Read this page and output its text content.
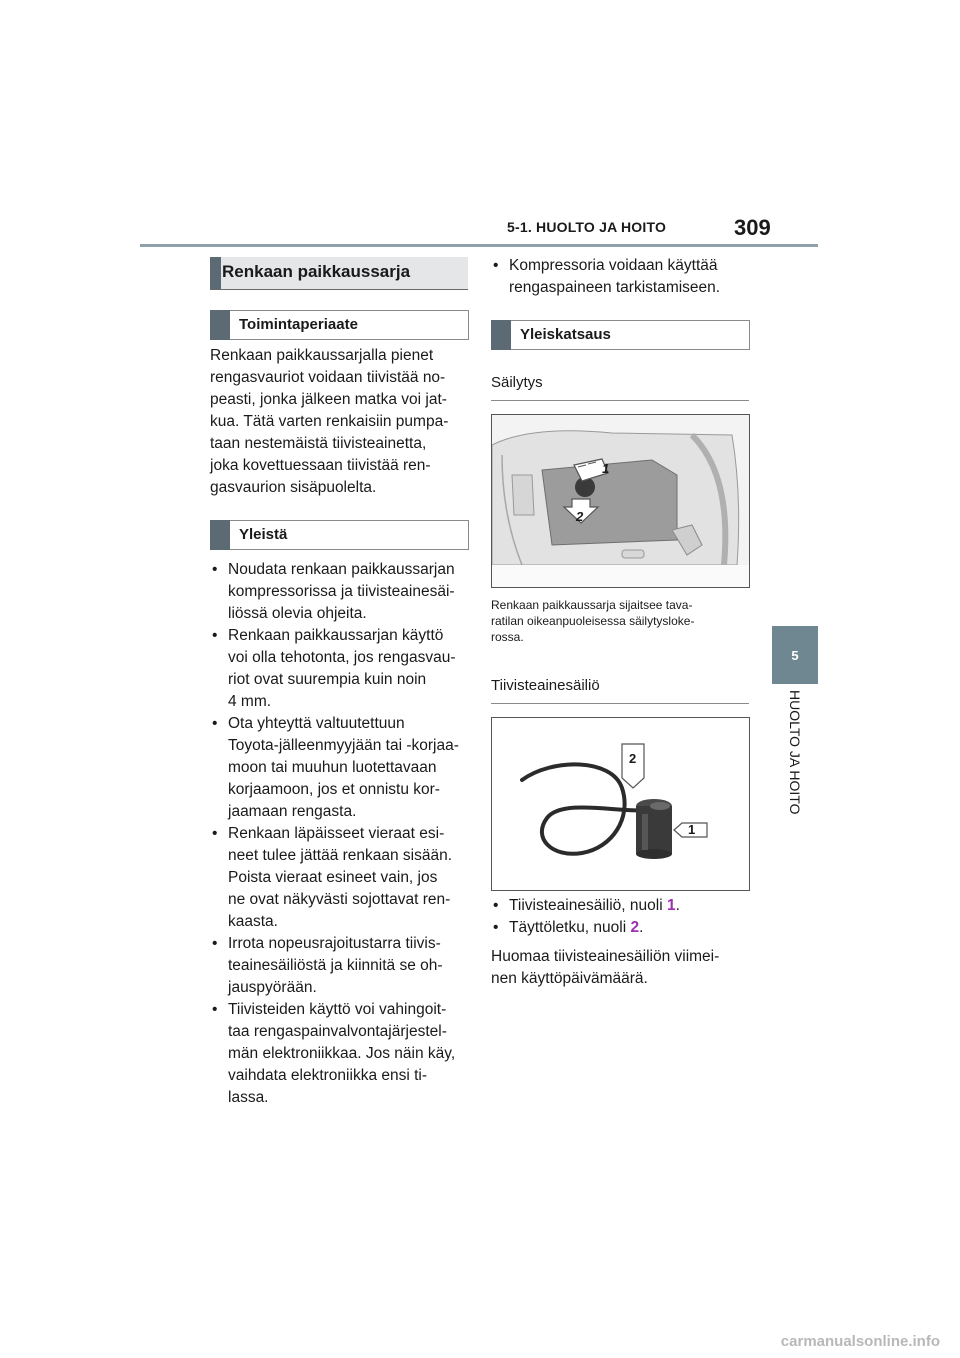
5-1. HUOLTO JA HOITO	309
5
HUOLTO JA HOITO
Renkaan paikkaussarja
Toimintaperiaate
Renkaan paikkaussarjalla pienet
rengasvauriot voidaan tiivistää no-
peasti, jonka jälkeen matka voi jat-
kua. Tätä varten renkaisiin pumpa-
taan nestemäistä tiivisteainetta,
joka kovettuessaan tiivistää ren-
gasvaurion sisäpuolelta.
Yleistä
• Noudata renkaan paikkaussarjan
kompressorissa ja tiivisteainesäi-
liössä olevia ohjeita.
• Renkaan paikkaussarjan käyttö
voi olla tehotonta, jos rengasvau-
riot ovat suurempia kuin noin
4 mm.
• Ota yhteyttä valtuutettuun
Toyota-jälleenmyyjään tai -korjaa-
moon tai muuhun luotettavaan
korjaamoon, jos et onnistu kor-
jaamaan rengasta.
• Renkaan läpäisseet vieraat esi-
neet tulee jättää renkaan sisään.
Poista vieraat esineet vain, jos
ne ovat näkyvästi sojottavat ren-
kaasta.
• Irrota nopeusrajoitustarra tiivis-
teainesäiliöstä ja kiinnitä se oh-
jauspyörään.
• Tiivisteiden käyttö voi vahingoit-
taa rengaspainvalvontajärjestel-
män elektroniikkaa. Jos näin käy,
vaihdata elektroniikka ensi ti-
lassa.
• Kompressoria voidaan käyttää
rengaspaineen tarkistamiseen.
Yleiskatsaus
Säilytys
1
2
Renkaan paikkaussarja sijaitsee tava-
ratilan oikeanpuoleisessa säilytysloke-
rossa.
Tiivisteainesäiliö
2
1
• Tiivisteainesäiliö, nuoli 1.
• Täyttöletku, nuoli 2.
Huomaa tiivisteainesäiliön viimei-
nen käyttöpäivämäärä.
carmanualsonline.info
